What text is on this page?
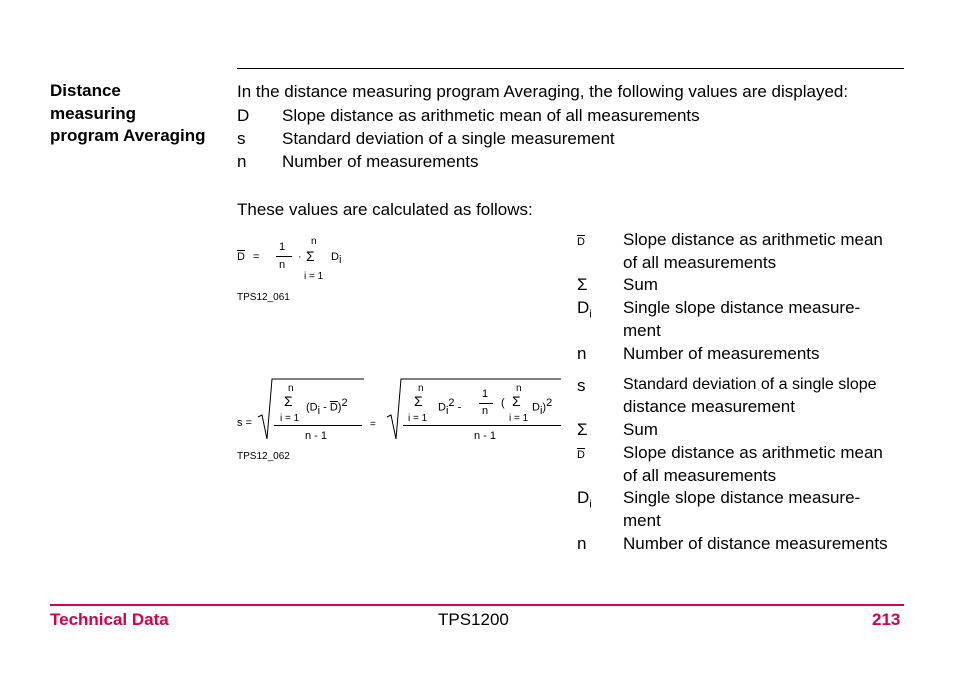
Distance
measuring
program Averaging
In the distance measuring program Averaging, the following values are displayed:
D Slope distance as arithmetic mean of all measurements
s Standard deviation of a single measurement
n Number of measurements
These values are calculated as follows:
$\overline{D}$ =
1
n
·
n
Σ
i = 1
$D_i$
TPS12_061
$\overline{D}$ Slope distance as arithmetic mean
of all measurements
Σ Sum
$D_i$ Single slope distance measure-
ment
n Number of measurements
s =
n
Σ
i = 1
$(D_i - \overline{D})^2$
n - 1
=
n
Σ
i = 1
$D_i^2$ -
1
n
(
n
Σ
i = 1
$D_i)^2$
n - 1
TPS12_062
s Standard deviation of a single slope
distance measurement
Σ Sum
$\overline{D}$ Slope distance as arithmetic mean
of all measurements
$D_i$ Single slope distance measure-
ment
n Number of distance measurements
Technical Data	TPS1200	213
